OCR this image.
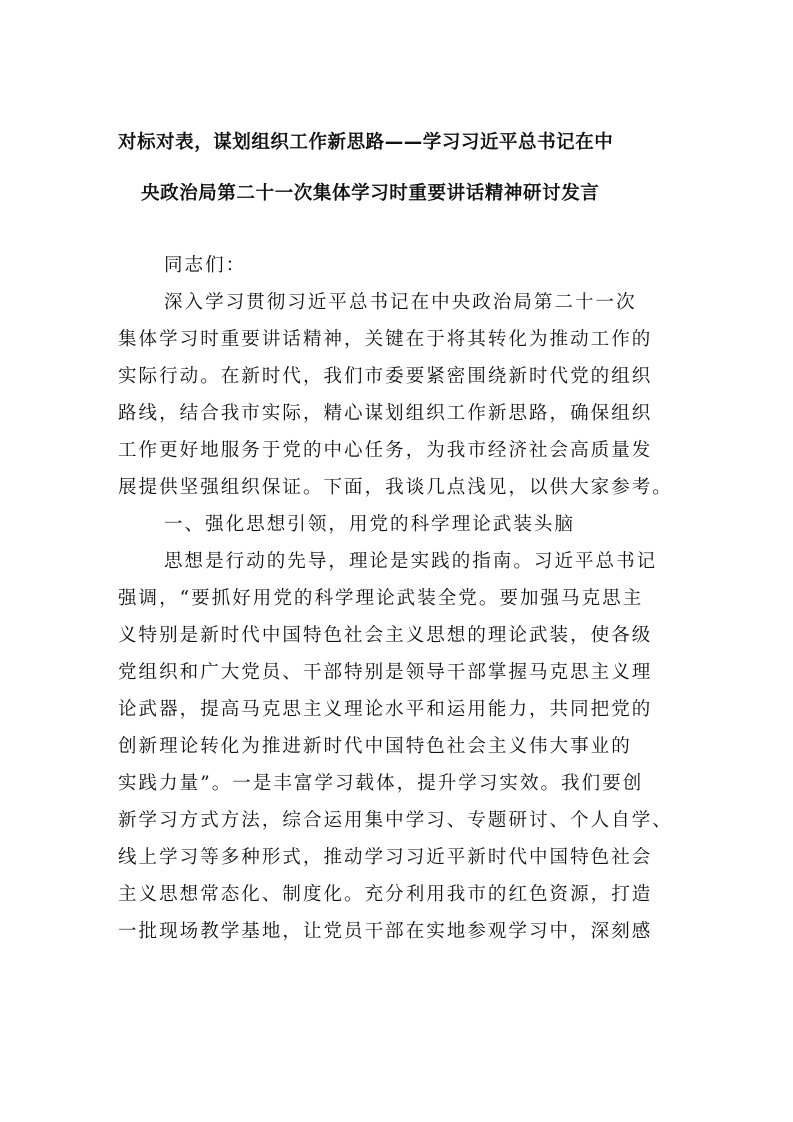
对标对表，谋划组织工作新思路——学习习近平总书记在中
央政治局第二十一次集体学习时重要讲话精神研讨发言
同志们：
深入学习贯彻习近平总书记在中央政治局第二十一次
集体学习时重要讲话精神，关键在于将其转化为推动工作的
实际行动。在新时代，我们市委要紧密围绕新时代党的组织
路线，结合我市实际，精心谋划组织工作新思路，确保组织
工作更好地服务于党的中心任务，为我市经济社会高质量发
展提供坚强组织保证。下面，我谈几点浅见，以供大家参考。
一、强化思想引领，用党的科学理论武装头脑
思想是行动的先导，理论是实践的指南。习近平总书记
强调，“要抓好用党的科学理论武装全党。要加强马克思主
义特别是新时代中国特色社会主义思想的理论武装，使各级
党组织和广大党员、干部特别是领导干部掌握马克思主义理
论武器，提高马克思主义理论水平和运用能力，共同把党的
创新理论转化为推进新时代中国特色社会主义伟大事业的
实践力量”。一是丰富学习载体，提升学习实效。我们要创
新学习方式方法，综合运用集中学习、专题研讨、个人自学、
线上学习等多种形式，推动学习习近平新时代中国特色社会
主义思想常态化、制度化。充分利用我市的红色资源，打造
一批现场教学基地，让党员干部在实地参观学习中，深刻感
